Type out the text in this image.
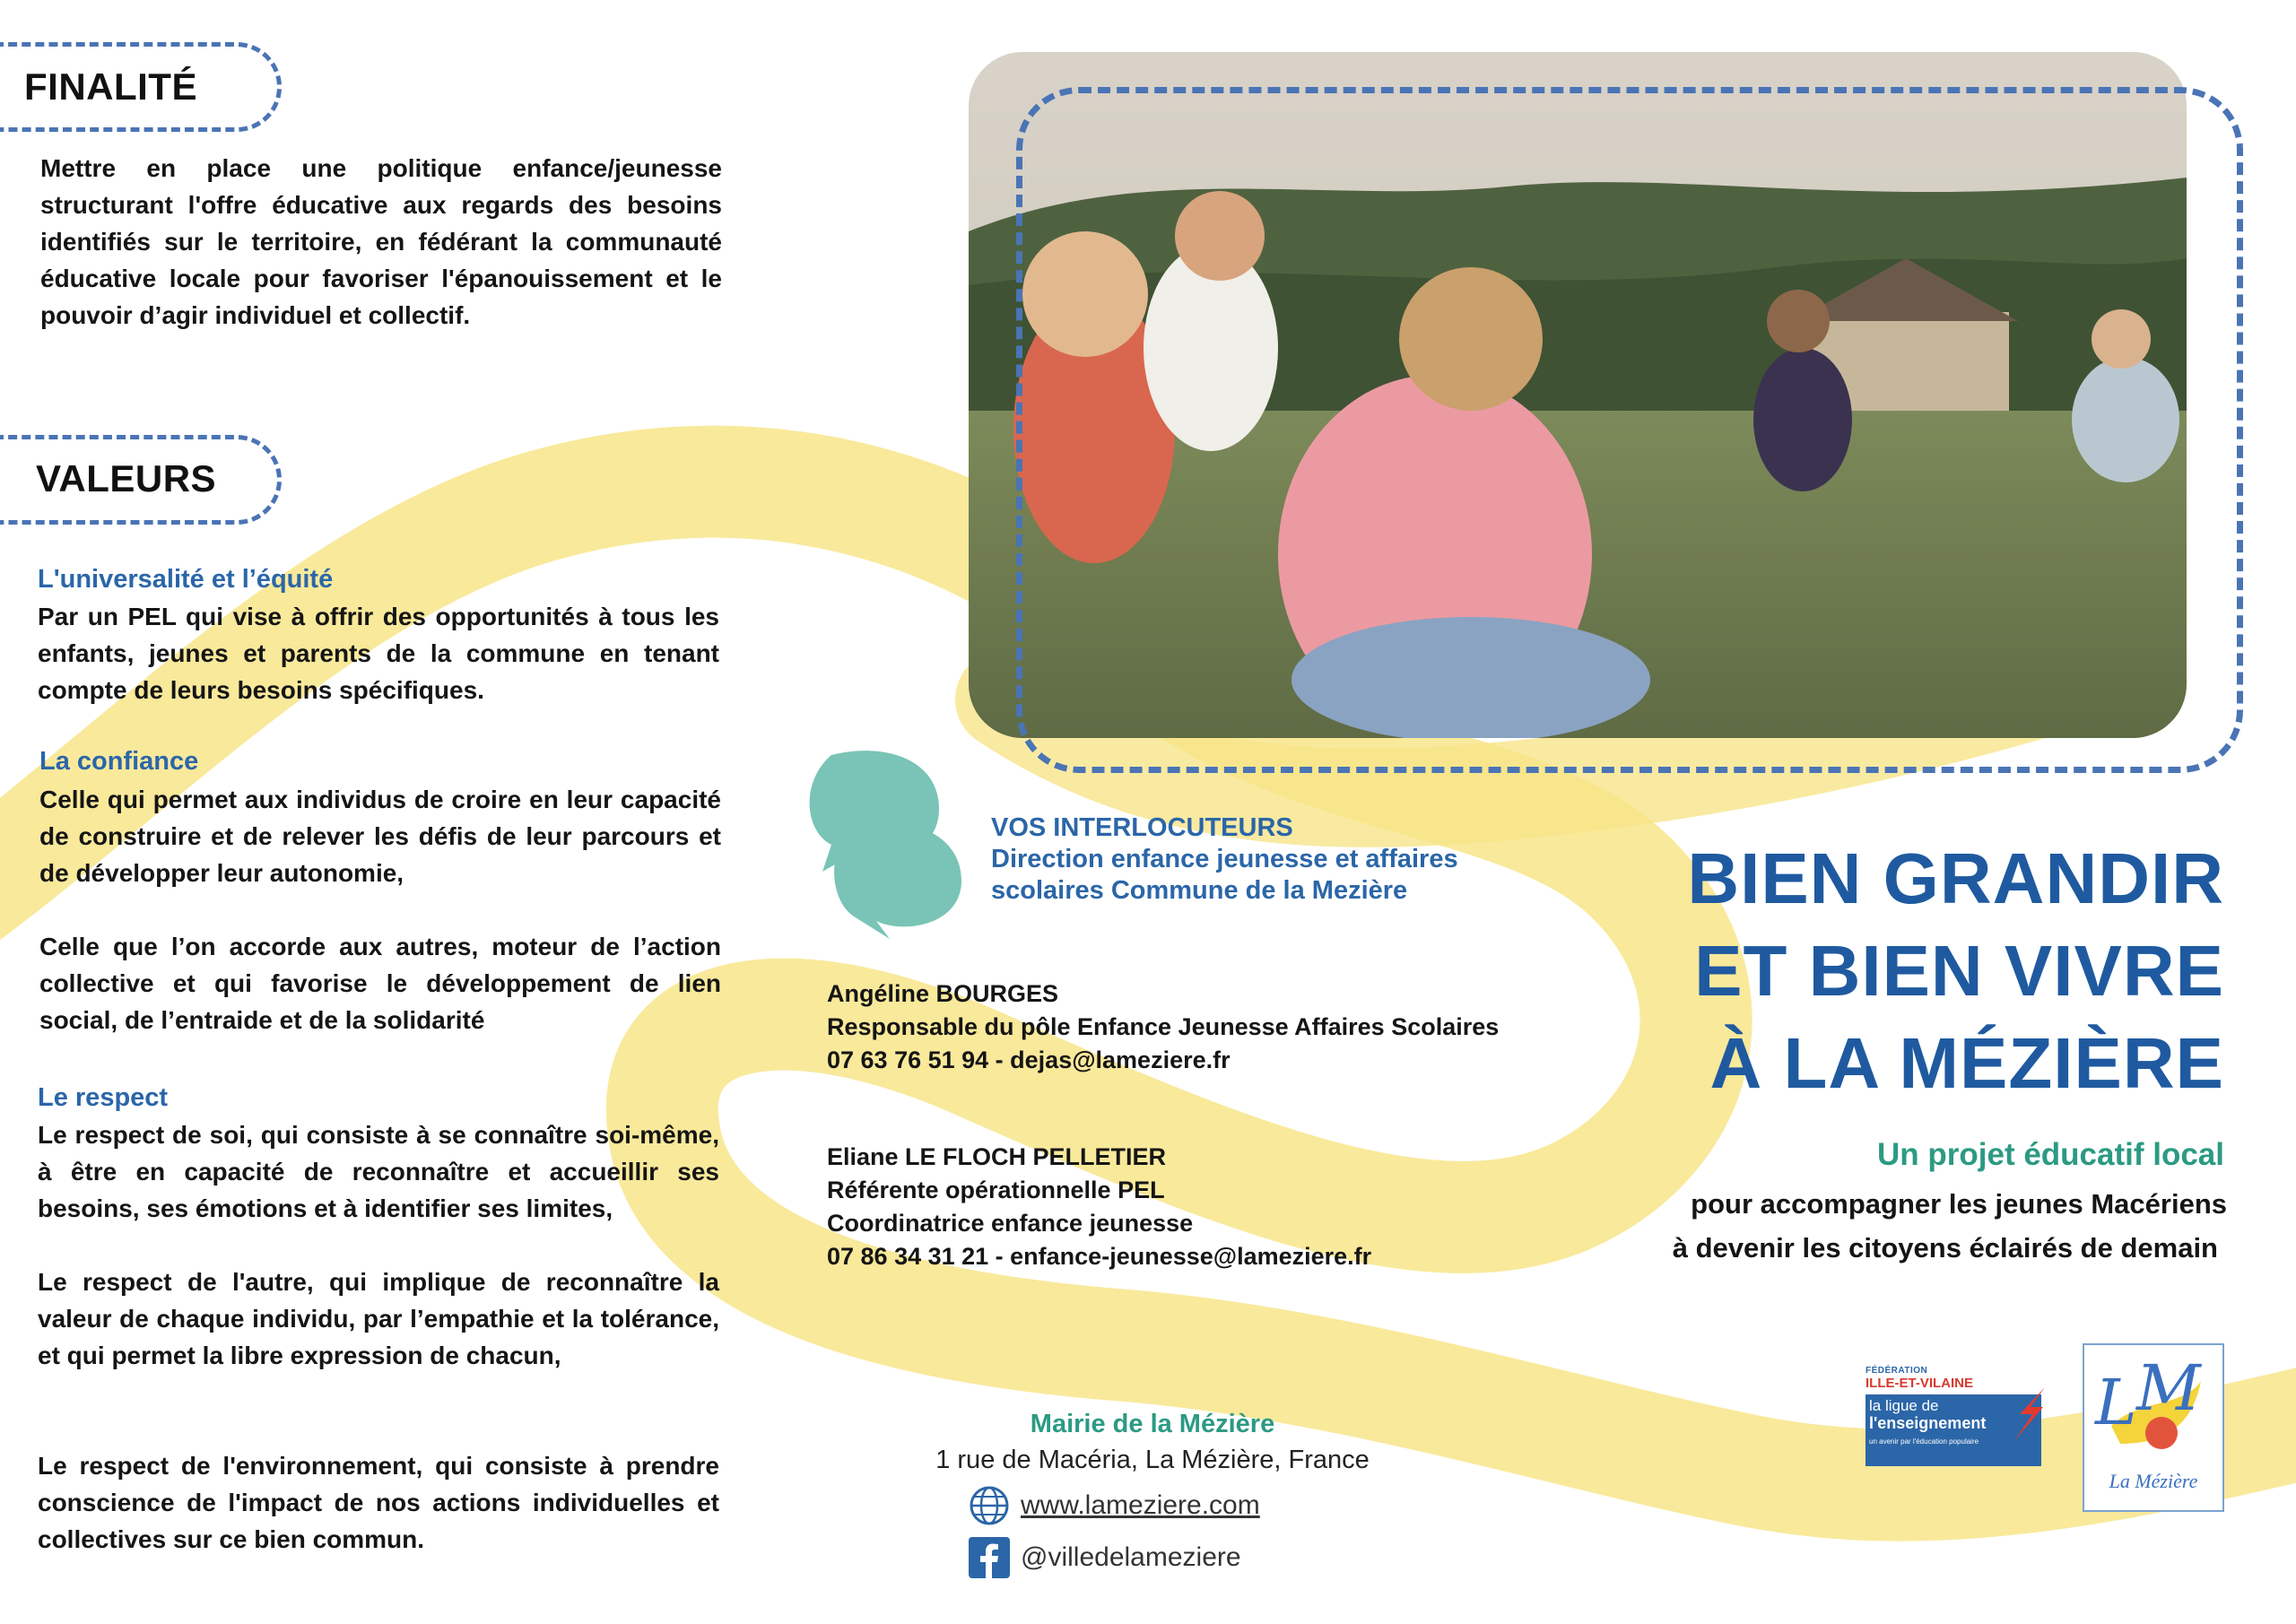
FINALITÉ
Mettre en place une politique enfance/jeunesse structurant l'offre éducative aux regards des besoins identifiés sur le territoire, en fédérant la communauté éducative locale pour favoriser l'épanouissement et le pouvoir d’agir individuel et collectif.
VALEURS
L'universalité et l’équité
Par un PEL qui vise à offrir des opportunités à tous les enfants, jeunes et parents de la commune en tenant compte de leurs besoins spécifiques.
La confiance
Celle qui permet aux individus de croire en leur capacité de construire et de relever les défis de leur parcours et de développer leur autonomie,
Celle que l’on accorde aux autres, moteur de l’action collective et qui favorise le développement de lien social, de l’entraide et de la solidarité
Le respect
Le respect de soi, qui consiste à se connaître soi-même, à être en capacité de reconnaître et accueillir ses besoins, ses émotions et à identifier ses limites,
Le respect de l'autre, qui implique de reconnaître la valeur de chaque individu, par l’empathie et la tolérance, et qui permet la libre expression de chacun,
Le respect de l'environnement, qui consiste à prendre conscience de l'impact de nos actions individuelles et collectives sur ce bien commun.
VOS INTERLOCUTEURS
Direction enfance jeunesse et affaires
scolaires Commune de la Mezière
Angéline BOURGES
Responsable du pôle Enfance Jeunesse Affaires Scolaires
07 63 76 51 94 - dejas@lameziere.fr
Eliane LE FLOCH PELLETIER
Référente opérationnelle PEL
Coordinatrice enfance jeunesse
07 86 34 31 21 - enfance-jeunesse@lameziere.fr
BIEN GRANDIR
ET BIEN VIVRE
À LA MÉZIÈRE
Un projet éducatif local
pour accompagner les jeunes Macériens
à devenir les citoyens éclairés de demain
Mairie de la Mézière
1 rue de Macéria, La Mézière, France
www.lameziere.com
@villedelameziere
FÉDÉRATION
ILLE-ET-VILAINE
la ligue de
l'enseignement
un avenir par l'éducation populaire
L M
La Mézière
